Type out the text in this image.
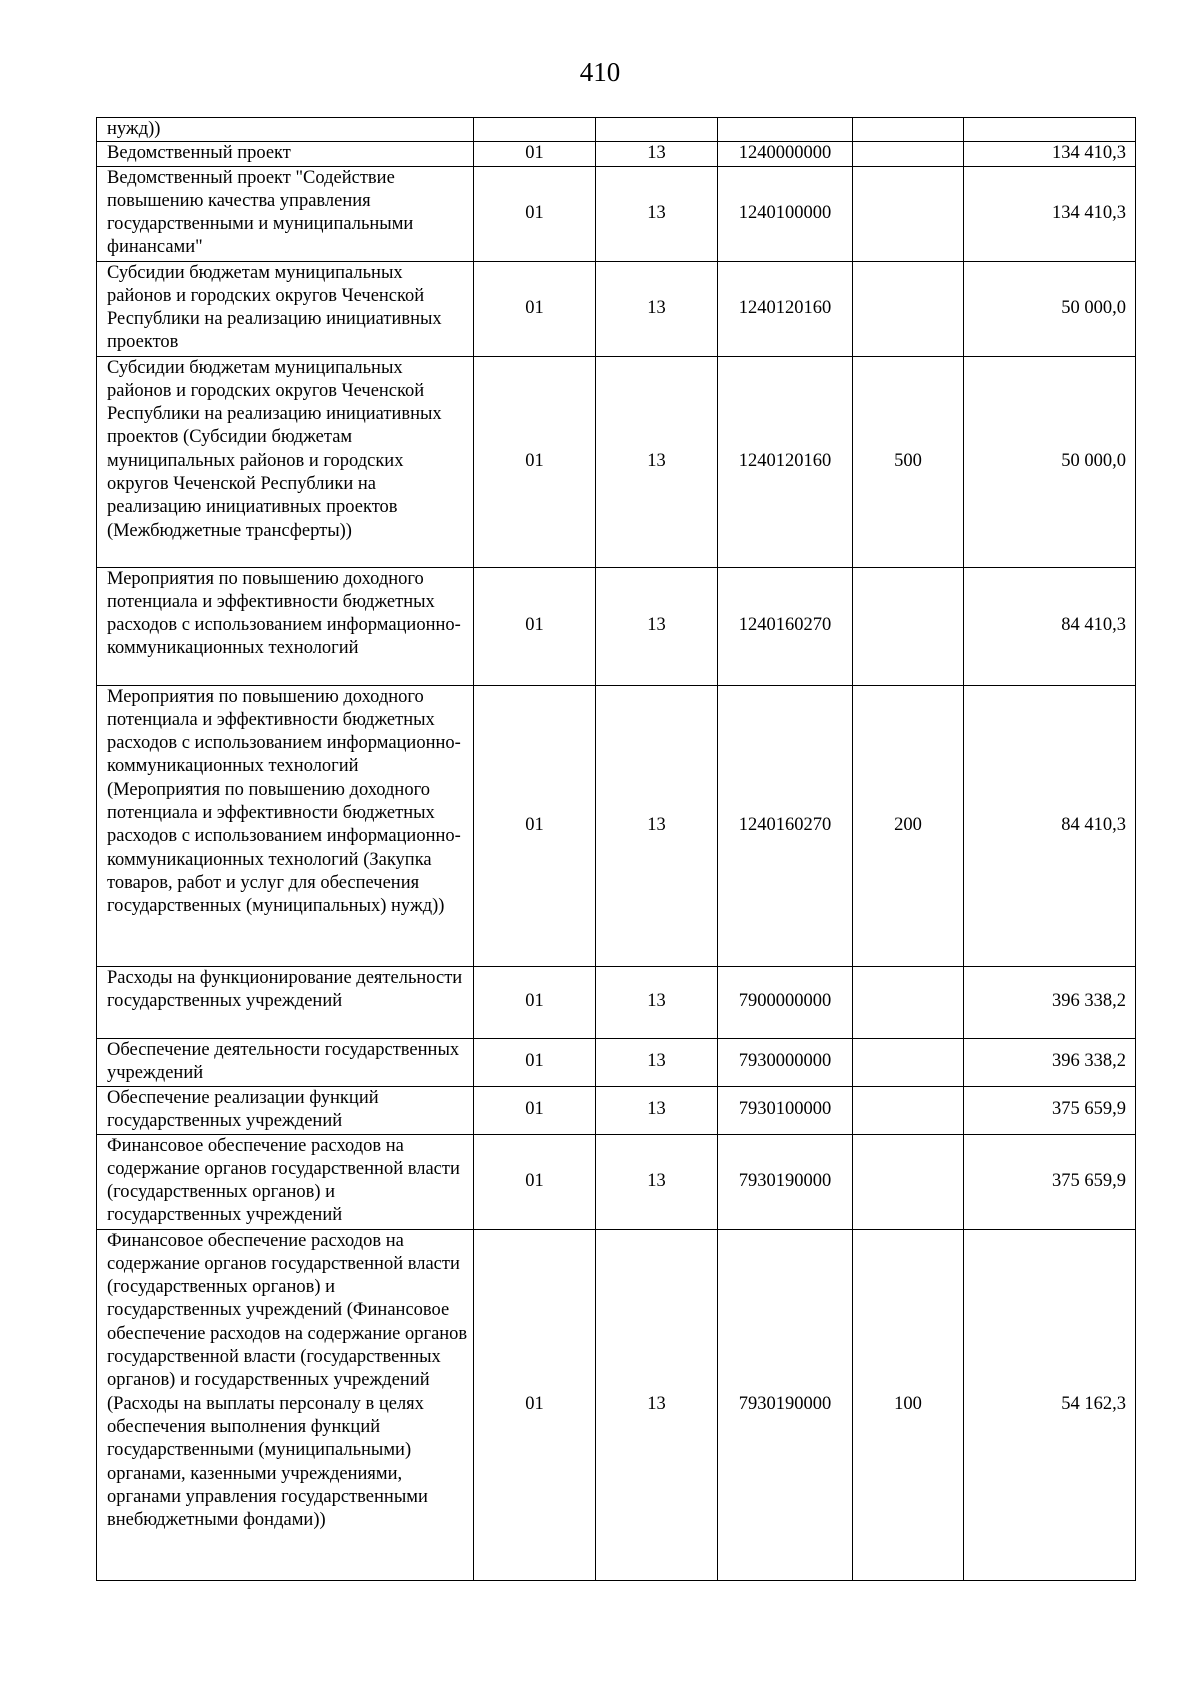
410
нужд))					
Ведомственный проект	01	13	1240000000		134 410,3
Ведомственный проект "Содействие повышению качества управления государственными и муниципальными финансами"	01	13	1240100000		134 410,3
Субсидии бюджетам муниципальных районов и городских округов Чеченской Республики на реализацию инициативных проектов	01	13	1240120160		50 000,0
Субсидии бюджетам муниципальных районов и городских округов Чеченской Республики на реализацию инициативных проектов (Субсидии бюджетам муниципальных районов и городских округов Чеченской Республики на реализацию инициативных проектов (Межбюджетные трансферты))	01	13	1240120160	500	50 000,0
Мероприятия по повышению доходного потенциала и эффективности бюджетных расходов с использованием информационно-коммуникационных технологий	01	13	1240160270		84 410,3
Мероприятия по повышению доходного потенциала и эффективности бюджетных расходов с использованием информационно-коммуникационных технологий (Мероприятия по повышению доходного потенциала и эффективности бюджетных расходов с использованием информационно-коммуникационных технологий (Закупка товаров, работ и услуг для обеспечения государственных (муниципальных) нужд))	01	13	1240160270	200	84 410,3
Расходы на функционирование деятельности государственных учреждений	01	13	7900000000		396 338,2
Обеспечение деятельности государственных учреждений	01	13	7930000000		396 338,2
Обеспечение реализации функций государственных учреждений	01	13	7930100000		375 659,9
Финансовое обеспечение расходов на содержание органов государственной власти (государственных органов) и государственных учреждений	01	13	7930190000		375 659,9
Финансовое обеспечение расходов на содержание органов государственной власти (государственных органов) и государственных учреждений (Финансовое обеспечение расходов на содержание органов государственной власти (государственных органов) и государственных учреждений (Расходы на выплаты персоналу в целях обеспечения выполнения функций государственными (муниципальными) органами, казенными учреждениями, органами управления государственными внебюджетными фондами))	01	13	7930190000	100	54 162,3
